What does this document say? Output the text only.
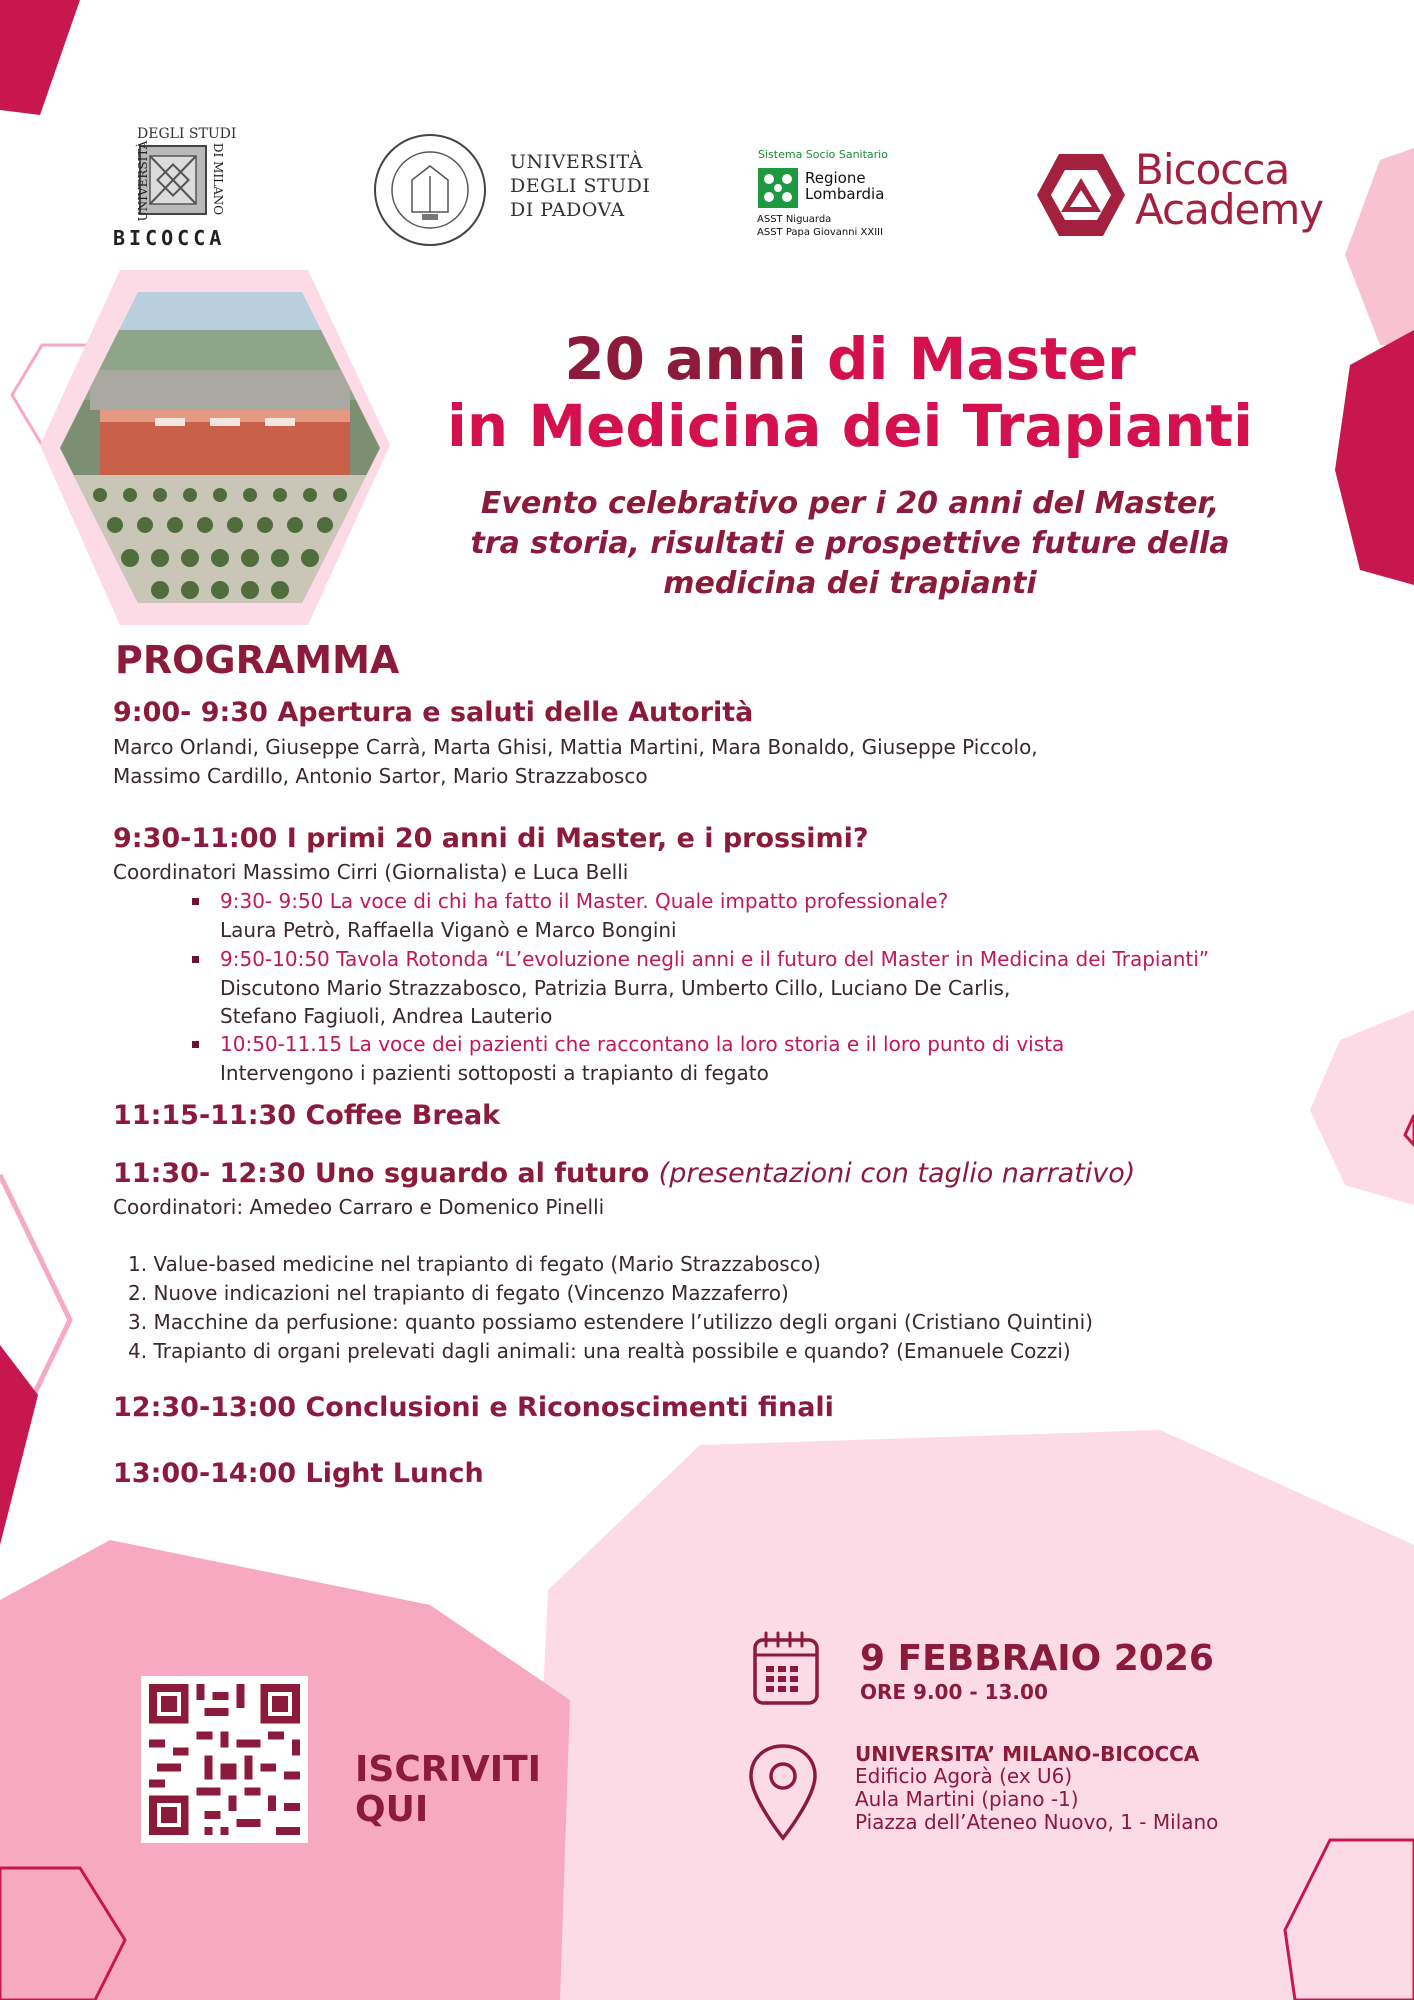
UNIVERSITÀ
DEGLI STUDI
DI MILANO
BICOCCA
UNIVERSITÀ
DEGLI STUDI
DI PADOVA
Sistema Socio Sanitario
Regione
Lombardia
ASST Niguarda
ASST Papa Giovanni XXIII
Bicocca
Academy
20 anni di Master
in Medicina dei Trapianti
Evento celebrativo per i 20 anni del Master,
tra storia, risultati e prospettive future della
medicina dei trapianti
PROGRAMMA
9:00- 9:30 Apertura e saluti delle Autorità
Marco Orlandi, Giuseppe Carrà, Marta Ghisi, Mattia Martini, Mara Bonaldo, Giuseppe Piccolo,
Massimo Cardillo, Antonio Sartor, Mario Strazzabosco
9:30-11:00 I primi 20 anni di Master, e i prossimi?
Coordinatori Massimo Cirri (Giornalista) e Luca Belli
9:30- 9:50 La voce di chi ha fatto il Master. Quale impatto professionale?
Laura Petrò, Raffaella Viganò e Marco Bongini
9:50-10:50 Tavola Rotonda “L’evoluzione negli anni e il futuro del Master in Medicina dei Trapianti”
Discutono Mario Strazzabosco, Patrizia Burra, Umberto Cillo, Luciano De Carlis,
Stefano Fagiuoli, Andrea Lauterio
10:50-11.15 La voce dei pazienti che raccontano la loro storia e il loro punto di vista
Intervengono i pazienti sottoposti a trapianto di fegato
11:15-11:30 Coffee Break
11:30- 12:30 Uno sguardo al futuro (presentazioni con taglio narrativo)
Coordinatori: Amedeo Carraro e Domenico Pinelli
1. Value-based medicine nel trapianto di fegato (Mario Strazzabosco)
2. Nuove indicazioni nel trapianto di fegato (Vincenzo Mazzaferro)
3. Macchine da perfusione: quanto possiamo estendere l’utilizzo degli organi (Cristiano Quintini)
4. Trapianto di organi prelevati dagli animali: una realtà possibile e quando? (Emanuele Cozzi)
12:30-13:00 Conclusioni e Riconoscimenti finali
13:00-14:00 Light Lunch
ISCRIVITI
QUI
9 FEBBRAIO 2026
ORE 9.00 - 13.00
UNIVERSITA’ MILANO-BICOCCA
Edificio Agorà (ex U6)
Aula Martini (piano -1)
Piazza dell’Ateneo Nuovo, 1 - Milano
